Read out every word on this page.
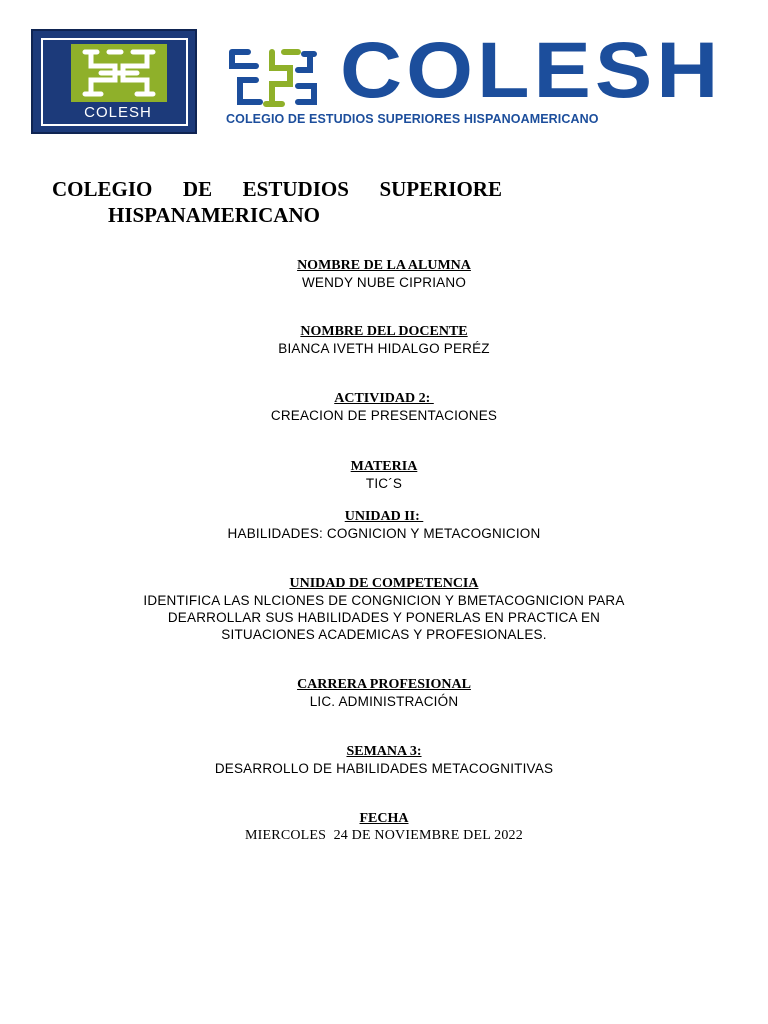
COLESH COLESH
COLEGIO DE ESTUDIOS SUPERIORES HISPANOAMERICANO
COLEGIO DE ESTUDIOS SUPERIORE
HISPANAMERICANO
NOMBRE DE LA ALUMNA
WENDY NUBE CIPRIANO
NOMBRE DEL DOCENTE
BIANCA IVETH HIDALGO PERÉZ
ACTIVIDAD 2:
CREACION DE PRESENTACIONES
MATERIA
TIC´S
UNIDAD II:
HABILIDADES: COGNICION Y METACOGNICION
UNIDAD DE COMPETENCIA
IDENTIFICA LAS NLCIONES DE CONGNICION Y BMETACOGNICION PARA
DEARROLLAR SUS HABILIDADES Y PONERLAS EN PRACTICA EN
SITUACIONES ACADEMICAS Y PROFESIONALES.
CARRERA PROFESIONAL
LIC. ADMINISTRACIÓN
SEMANA 3:
DESARROLLO DE HABILIDADES METACOGNITIVAS
FECHA
MIERCOLES  24 DE NOVIEMBRE DEL 2022
